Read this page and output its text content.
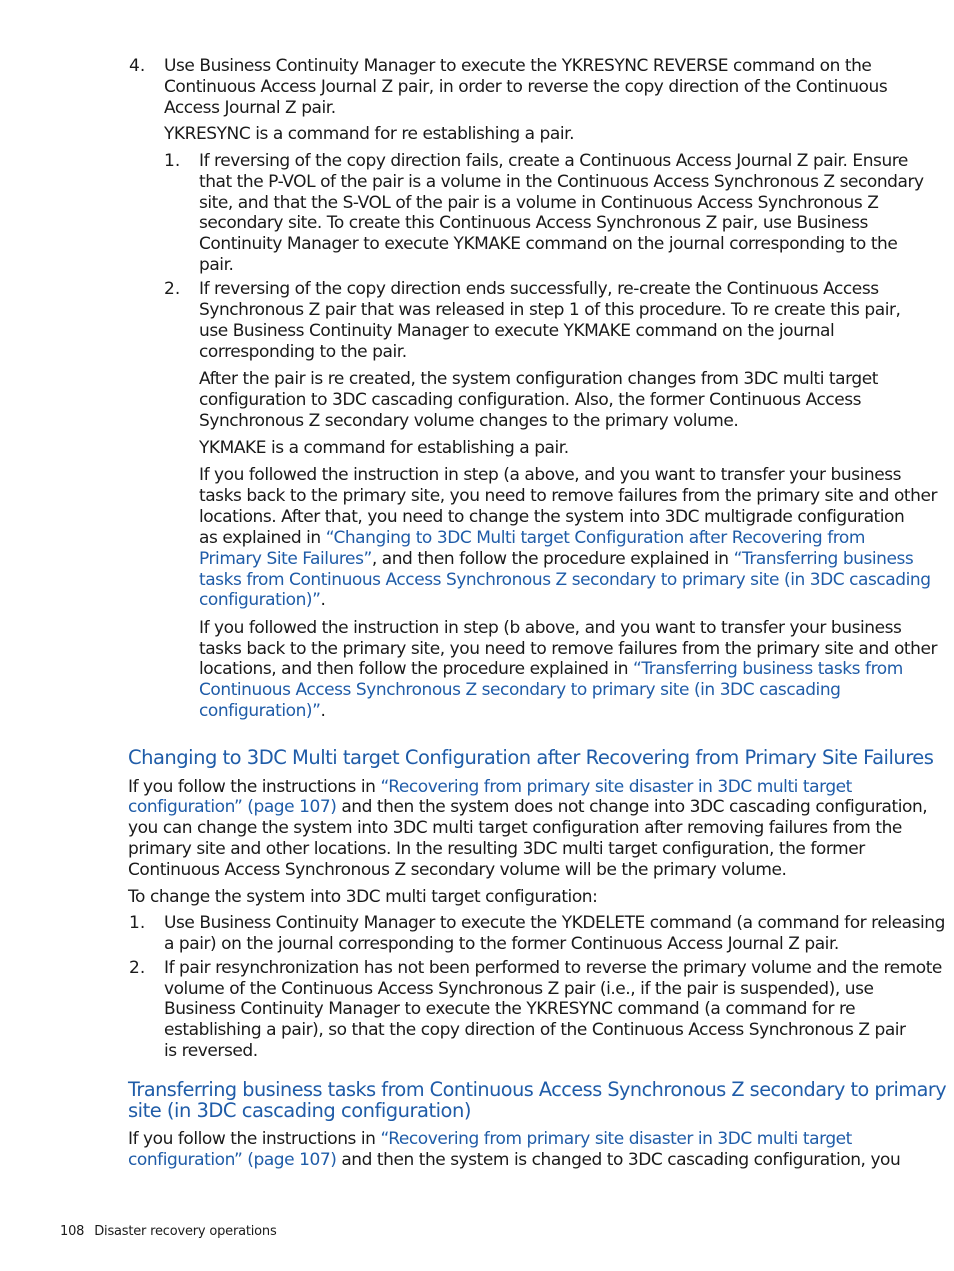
4. Use Business Continuity Manager to execute the YKRESYNC REVERSE command on the
Continuous Access Journal Z pair, in order to reverse the copy direction of the Continuous
Access Journal Z pair.
YKRESYNC is a command for re establishing a pair.
1. If reversing of the copy direction fails, create a Continuous Access Journal Z pair. Ensure
that the P-VOL of the pair is a volume in the Continuous Access Synchronous Z secondary
site, and that the S-VOL of the pair is a volume in Continuous Access Synchronous Z
secondary site. To create this Continuous Access Synchronous Z pair, use Business
Continuity Manager to execute YKMAKE command on the journal corresponding to the
pair.
2. If reversing of the copy direction ends successfully, re-create the Continuous Access
Synchronous Z pair that was released in step 1 of this procedure. To re create this pair,
use Business Continuity Manager to execute YKMAKE command on the journal
corresponding to the pair.
After the pair is re created, the system configuration changes from 3DC multi target
configuration to 3DC cascading configuration. Also, the former Continuous Access
Synchronous Z secondary volume changes to the primary volume.
YKMAKE is a command for establishing a pair.
If you followed the instruction in step (a above, and you want to transfer your business
tasks back to the primary site, you need to remove failures from the primary site and other
locations. After that, you need to change the system into 3DC multigrade configuration
as explained in “Changing to 3DC Multi target Configuration after Recovering from
Primary Site Failures”, and then follow the procedure explained in “Transferring business
tasks from Continuous Access Synchronous Z secondary to primary site (in 3DC cascading
configuration)”.
If you followed the instruction in step (b above, and you want to transfer your business
tasks back to the primary site, you need to remove failures from the primary site and other
locations, and then follow the procedure explained in “Transferring business tasks from
Continuous Access Synchronous Z secondary to primary site (in 3DC cascading
configuration)”.
Changing to 3DC Multi target Configuration after Recovering from Primary Site Failures
If you follow the instructions in “Recovering from primary site disaster in 3DC multi target
configuration” (page 107) and then the system does not change into 3DC cascading configuration,
you can change the system into 3DC multi target configuration after removing failures from the
primary site and other locations. In the resulting 3DC multi target configuration, the former
Continuous Access Synchronous Z secondary volume will be the primary volume.
To change the system into 3DC multi target configuration:
1. Use Business Continuity Manager to execute the YKDELETE command (a command for releasing
a pair) on the journal corresponding to the former Continuous Access Journal Z pair.
2. If pair resynchronization has not been performed to reverse the primary volume and the remote
volume of the Continuous Access Synchronous Z pair (i.e., if the pair is suspended), use
Business Continuity Manager to execute the YKRESYNC command (a command for re
establishing a pair), so that the copy direction of the Continuous Access Synchronous Z pair
is reversed.
Transferring business tasks from Continuous Access Synchronous Z secondary to primary
site (in 3DC cascading configuration)
If you follow the instructions in “Recovering from primary site disaster in 3DC multi target
configuration” (page 107) and then the system is changed to 3DC cascading configuration, you
108 Disaster recovery operations
